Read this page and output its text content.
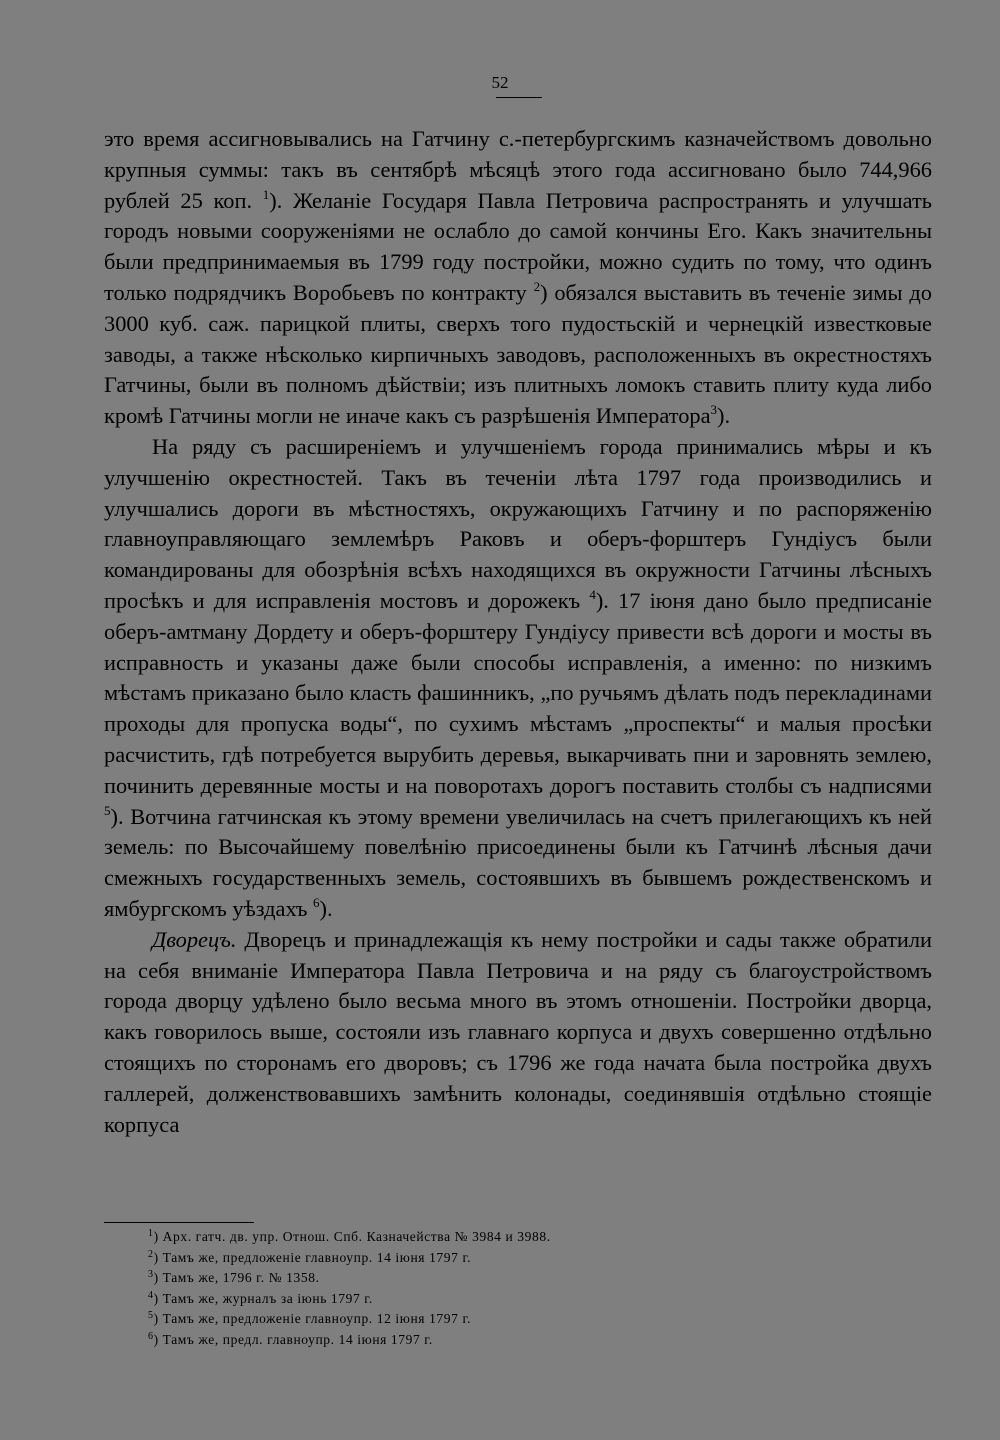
52

это время ассигновывались на Гатчину с.-петербургскимъ казначействомъ довольно крупныя суммы: такъ въ сентябрѣ мѣсяцѣ этого года ассигновано было 744,966 рублей 25 коп. $^1$). Желаніе Государя Павла Петровича распространять и улучшать городъ новыми сооруженіями не ослабло до самой кончины Его. Какъ значительны были предпринимаемыя въ 1799 году постройки, можно судить по тому, что одинъ только подрядчикъ Воробьевъ по контракту $^2$) обязался выставить въ теченіе зимы до 3000 куб. саж. парицкой плиты, сверхъ того пудостьскій и чернецкій известковые заводы, а также нѣсколько кирпичныхъ заводовъ, расположенныхъ въ окрестностяхъ Гатчины, были въ полномъ дѣйствіи; изъ плитныхъ ломокъ ставить плиту куда либо кромѣ Гатчины могли не иначе какъ съ разрѣшенія Императора$^3$).

На ряду съ расширеніемъ и улучшеніемъ города принимались мѣры и къ улучшенію окрестностей. Такъ въ теченіи лѣта 1797 года производились и улучшались дороги въ мѣстностяхъ, окружающихъ Гатчину и по распоряженію главноуправляющаго землемѣръ Раковъ и оберъ-форштеръ Гундіусъ были командированы для обозрѣнія всѣхъ находящихся въ окружности Гатчины лѣсныхъ просѣкъ и для исправленія мостовъ и дорожекъ $^4$). 17 іюня дано было предписаніе оберъ-амтману Дордету и оберъ-форштеру Гундіусу привести всѣ дороги и мосты въ исправность и указаны даже были способы исправленія, а именно: по низкимъ мѣстамъ приказано было класть фашинникъ, „по ручьямъ дѣлать подъ перекладинами проходы для пропуска воды“, по сухимъ мѣстамъ „проспекты“ и малыя просѣки расчистить, гдѣ потребуется вырубить деревья, выкарчивать пни и заровнять землею, починить деревянные мосты и на поворотахъ дорогъ поставить столбы съ надписями $^5$). Вотчина гатчинская къ этому времени увеличилась на счетъ прилегающихъ къ ней земель: по Высочайшему повелѣнію присоединены были къ Гатчинѣ лѣсныя дачи смежныхъ государственныхъ земель, состоявшихъ въ бывшемъ рождественскомъ и ямбургскомъ уѣздахъ $^6$).

Дворецъ. Дворецъ и принадлежащія къ нему постройки и сады также обратили на себя вниманіе Императора Павла Петровича и на ряду съ благоустройствомъ города дворцу удѣлено было весьма много въ этомъ отношеніи. Постройки дворца, какъ говорилось выше, состояли изъ главнаго корпуса и двухъ совершенно отдѣльно стоящихъ по сторонамъ его дворовъ; съ 1796 же года начата была постройка двухъ галлерей, долженствовавшихъ замѣнить колонады, соединявшія отдѣльно стоящіе корпуса

$^1$) Арх. гатч. дв. упр. Отнош. Спб. Казначейства № 3984 и 3988.
$^2$) Тамъ же, предложеніе главноупр. 14 іюня 1797 г.
$^3$) Тамъ же, 1796 г. № 1358.
$^4$) Тамъ же, журналъ за іюнь 1797 г.
$^5$) Тамъ же, предложеніе главноупр. 12 іюня 1797 г.
$^6$) Тамъ же, предл. главноупр. 14 іюня 1797 г.
